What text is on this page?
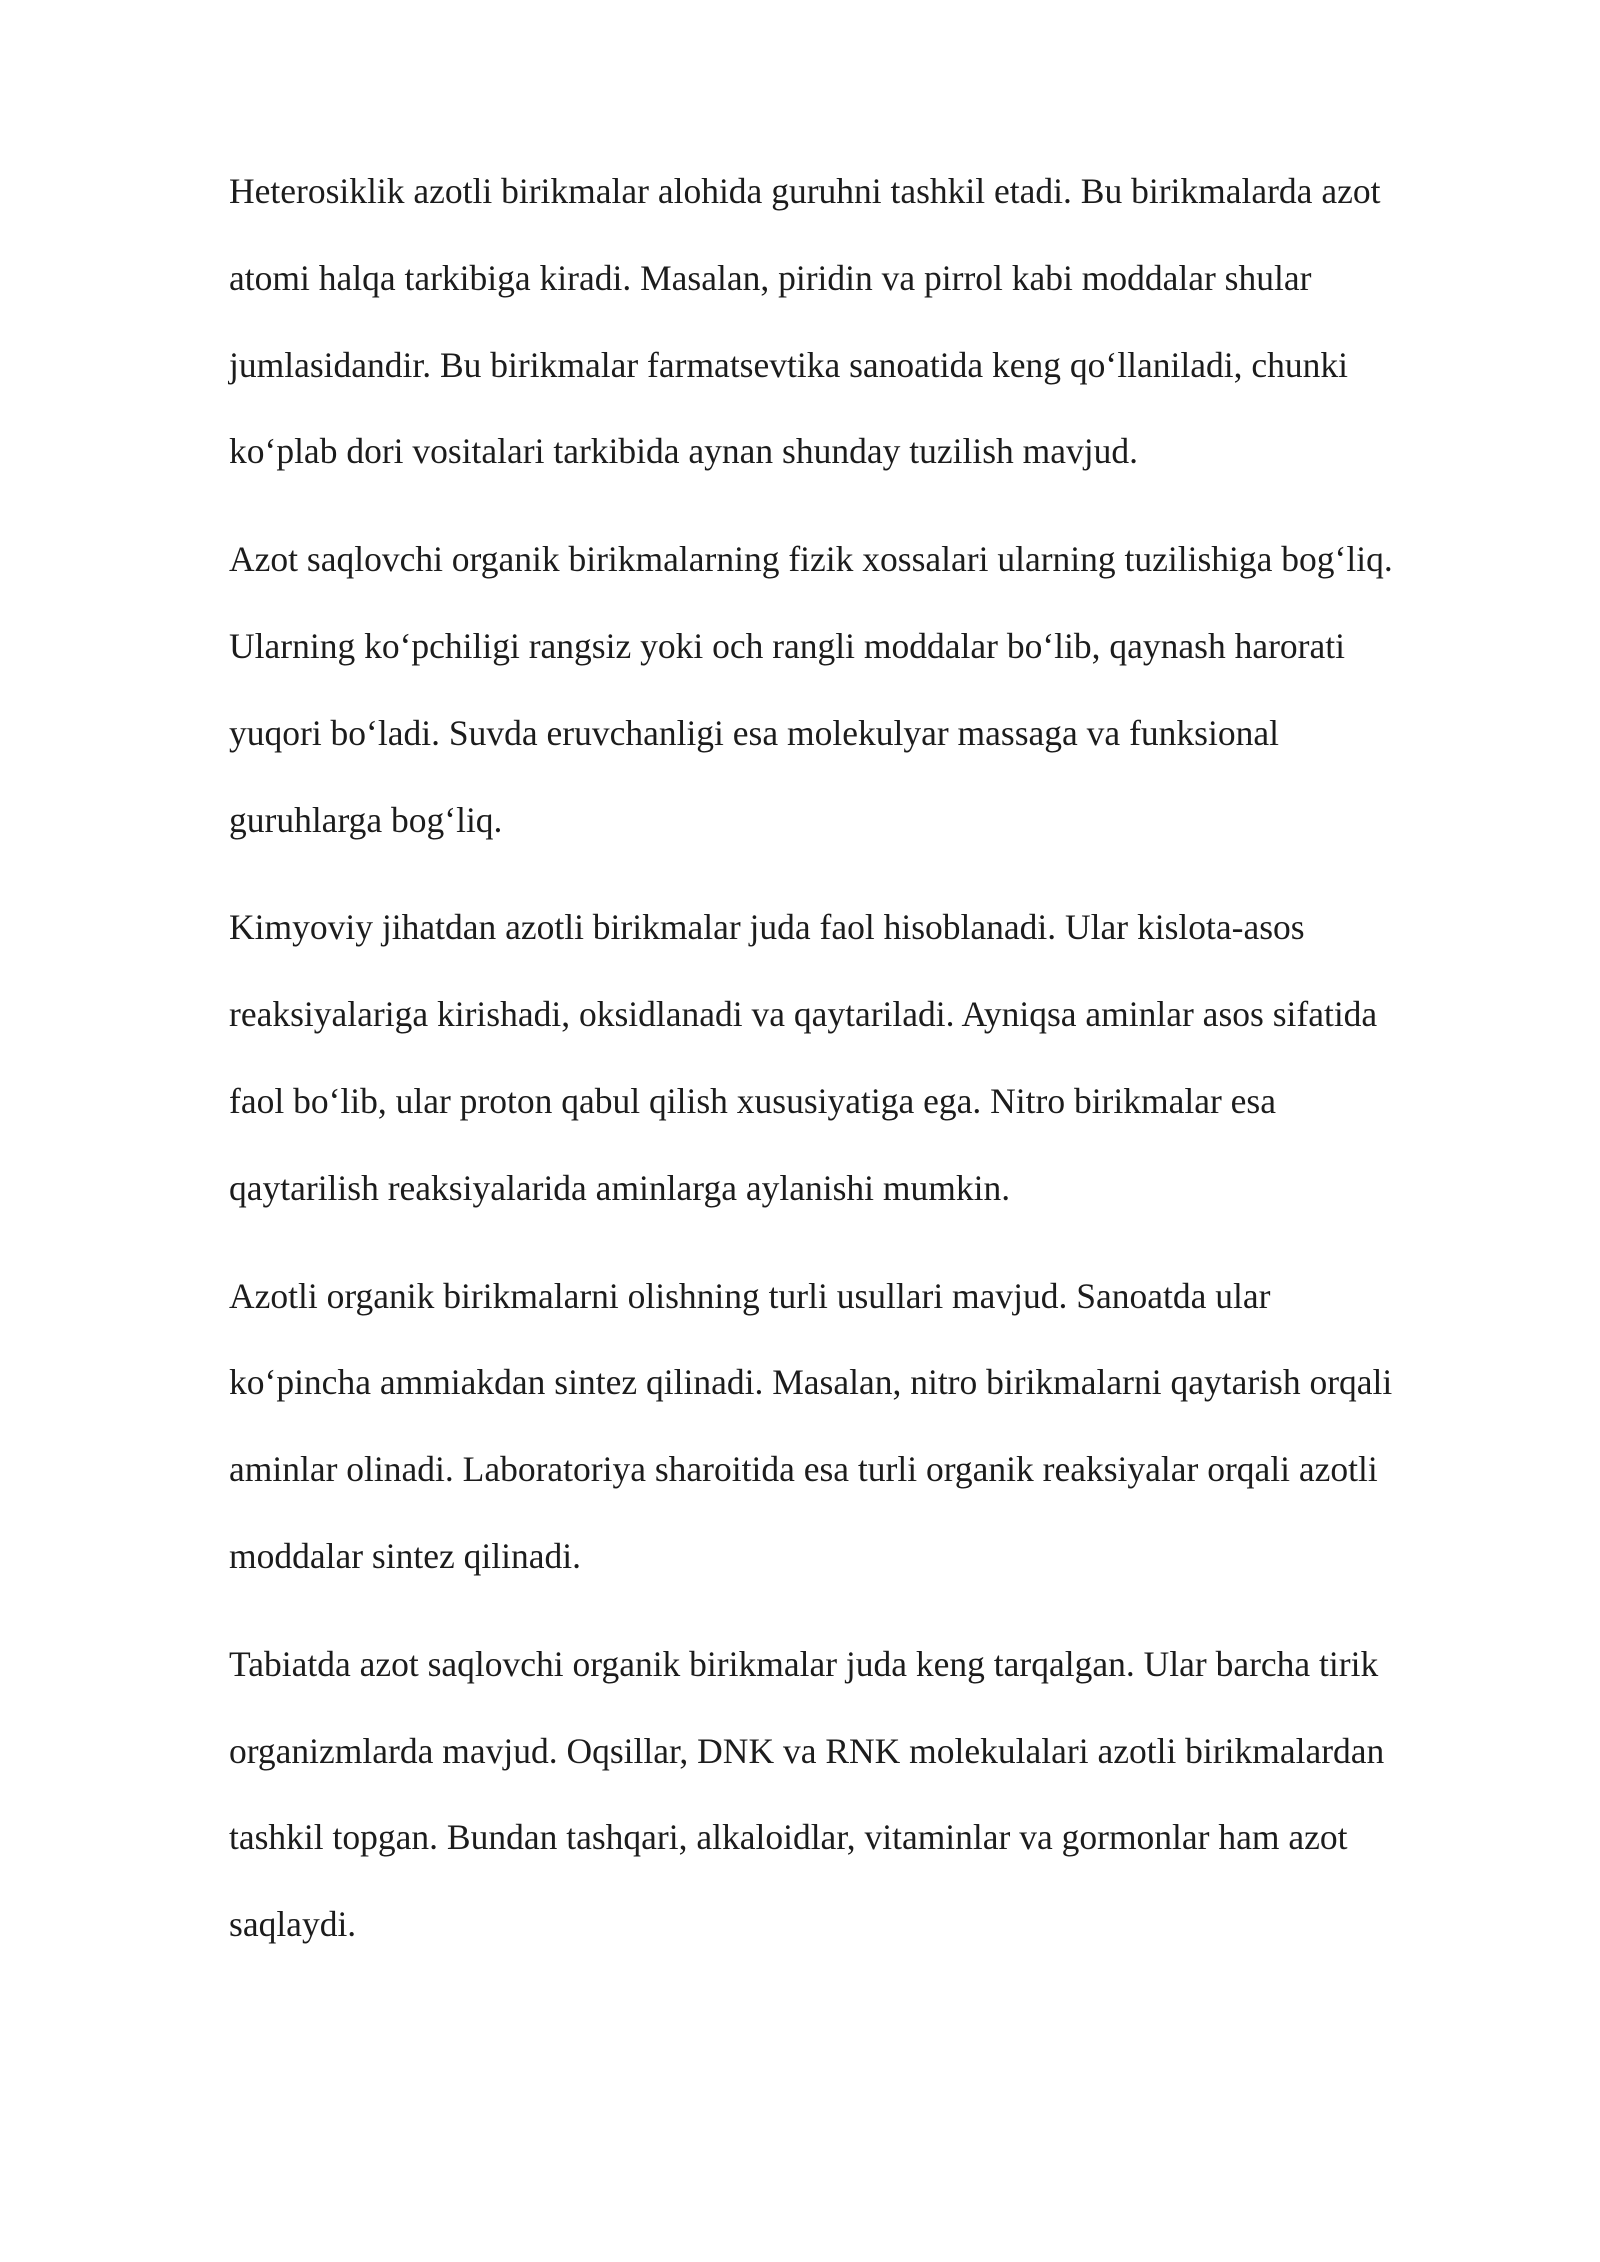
Heterosiklik azotli birikmalar alohida guruhni tashkil etadi. Bu birikmalarda azot
atomi halqa tarkibiga kiradi. Masalan, piridin va pirrol kabi moddalar shular
jumlasidandir. Bu birikmalar farmatsevtika sanoatida keng qo‘llaniladi, chunki
ko‘plab dori vositalari tarkibida aynan shunday tuzilish mavjud.

Azot saqlovchi organik birikmalarning fizik xossalari ularning tuzilishiga bog‘liq.
Ularning ko‘pchiligi rangsiz yoki och rangli moddalar bo‘lib, qaynash harorati
yuqori bo‘ladi. Suvda eruvchanligi esa molekulyar massaga va funksional
guruhlarga bog‘liq.

Kimyoviy jihatdan azotli birikmalar juda faol hisoblanadi. Ular kislota-asos
reaksiyalariga kirishadi, oksidlanadi va qaytariladi. Ayniqsa aminlar asos sifatida
faol bo‘lib, ular proton qabul qilish xususiyatiga ega. Nitro birikmalar esa
qaytarilish reaksiyalarida aminlarga aylanishi mumkin.

Azotli organik birikmalarni olishning turli usullari mavjud. Sanoatda ular
ko‘pincha ammiakdan sintez qilinadi. Masalan, nitro birikmalarni qaytarish orqali
aminlar olinadi. Laboratoriya sharoitida esa turli organik reaksiyalar orqali azotli
moddalar sintez qilinadi.

Tabiatda azot saqlovchi organik birikmalar juda keng tarqalgan. Ular barcha tirik
organizmlarda mavjud. Oqsillar, DNK va RNK molekulalari azotli birikmalardan
tashkil topgan. Bundan tashqari, alkaloidlar, vitaminlar va gormonlar ham azot
saqlaydi.
